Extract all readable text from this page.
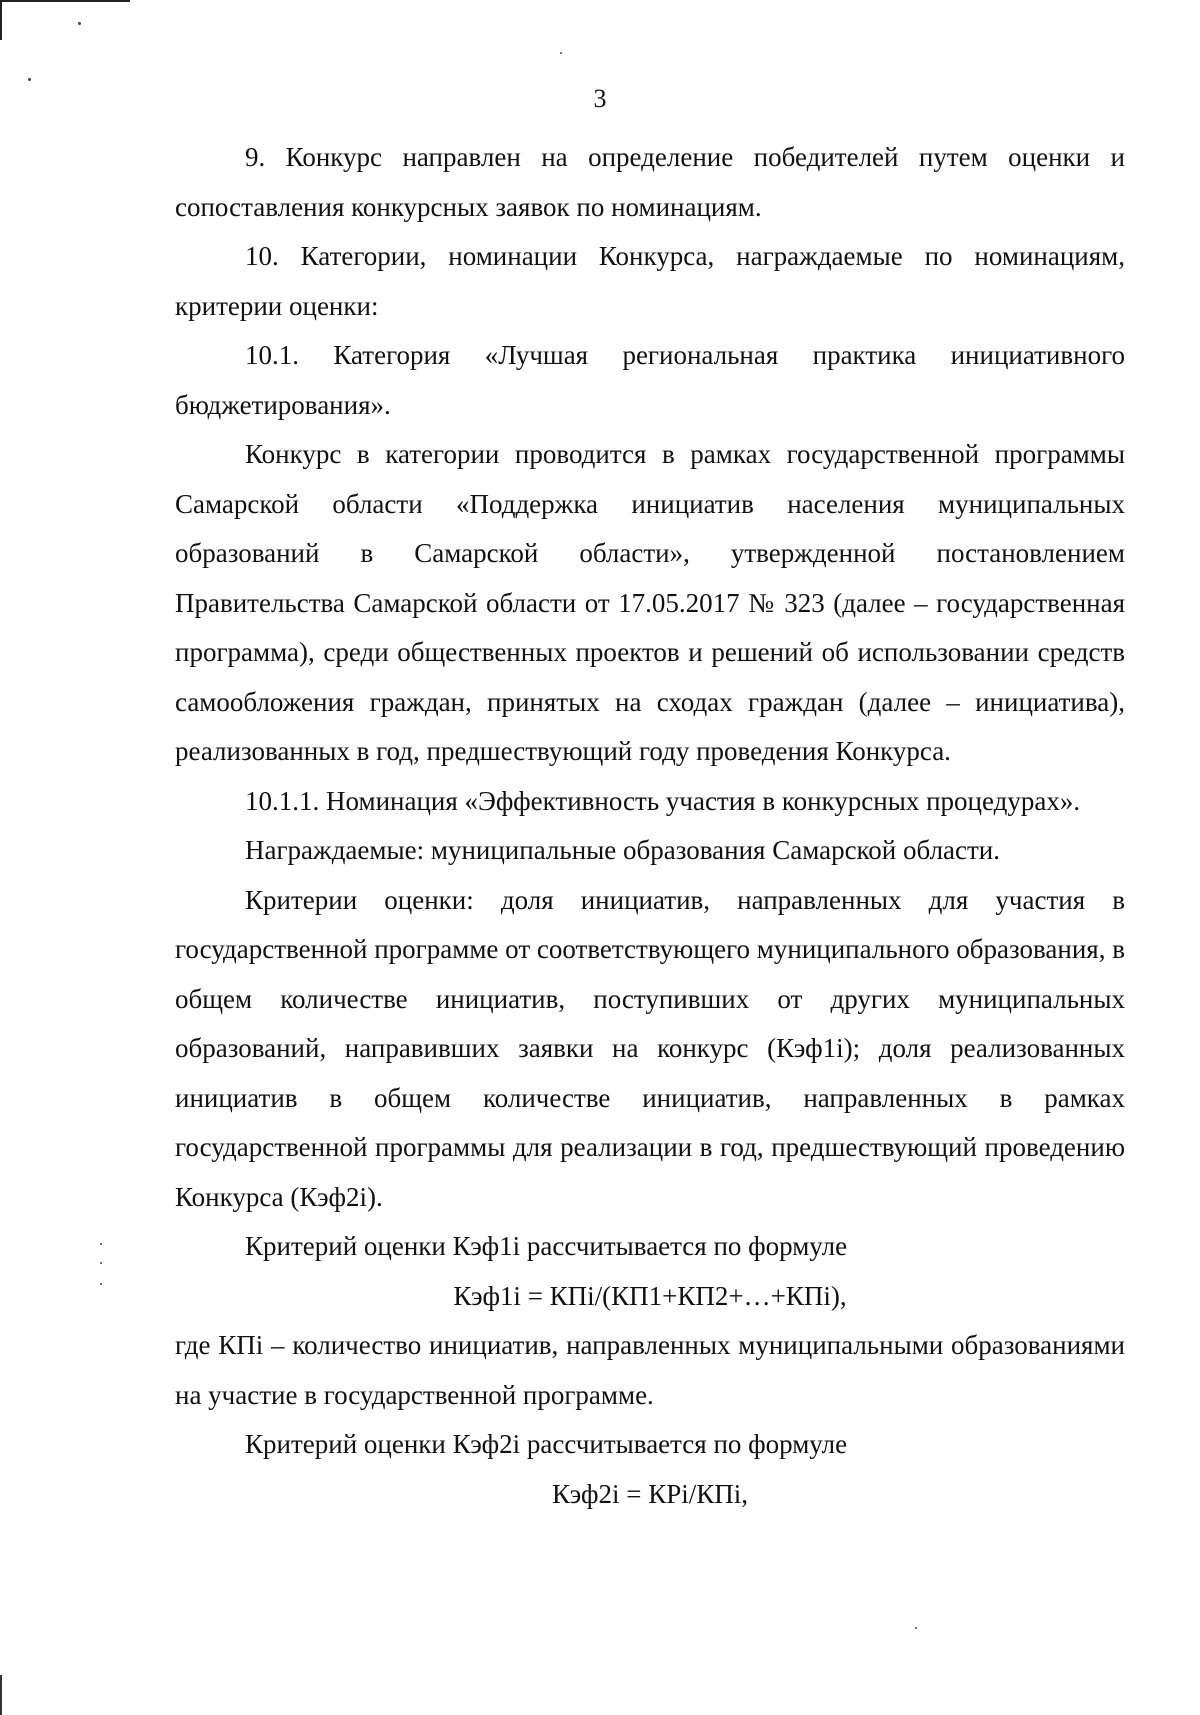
3

9. Конкурс направлен на определение победителей путем оценки и сопоставления конкурсных заявок по номинациям.

10. Категории, номинации Конкурса, награждаемые по номинациям, критерии оценки:

10.1. Категория «Лучшая региональная практика инициативного бюджетирования».

Конкурс в категории проводится в рамках государственной программы Самарской области «Поддержка инициатив населения муниципальных образований в Самарской области», утвержденной постановлением Правительства Самарской области от 17.05.2017 № 323 (далее – государственная программа), среди общественных проектов и решений об использовании средств самообложения граждан, принятых на сходах граждан (далее – инициатива), реализованных в год, предшествующий году проведения Конкурса.

10.1.1. Номинация «Эффективность участия в конкурсных процедурах».

Награждаемые: муниципальные образования Самарской области.

Критерии оценки: доля инициатив, направленных для участия в государственной программе от соответствующего муниципального образования, в общем количестве инициатив, поступивших от других муниципальных образований, направивших заявки на конкурс (Кэф1i); доля реализованных инициатив в общем количестве инициатив, направленных в рамках государственной программы для реализации в год, предшествующий проведению Конкурса (Кэф2i).

Критерий оценки Кэф1i рассчитывается по формуле

Кэф1i = КПi/(КП1+КП2+…+КПi),

где КПi – количество инициатив, направленных муниципальными образованиями на участие в государственной программе.

Критерий оценки Кэф2i рассчитывается по формуле

Кэф2i = КРi/КПi,
